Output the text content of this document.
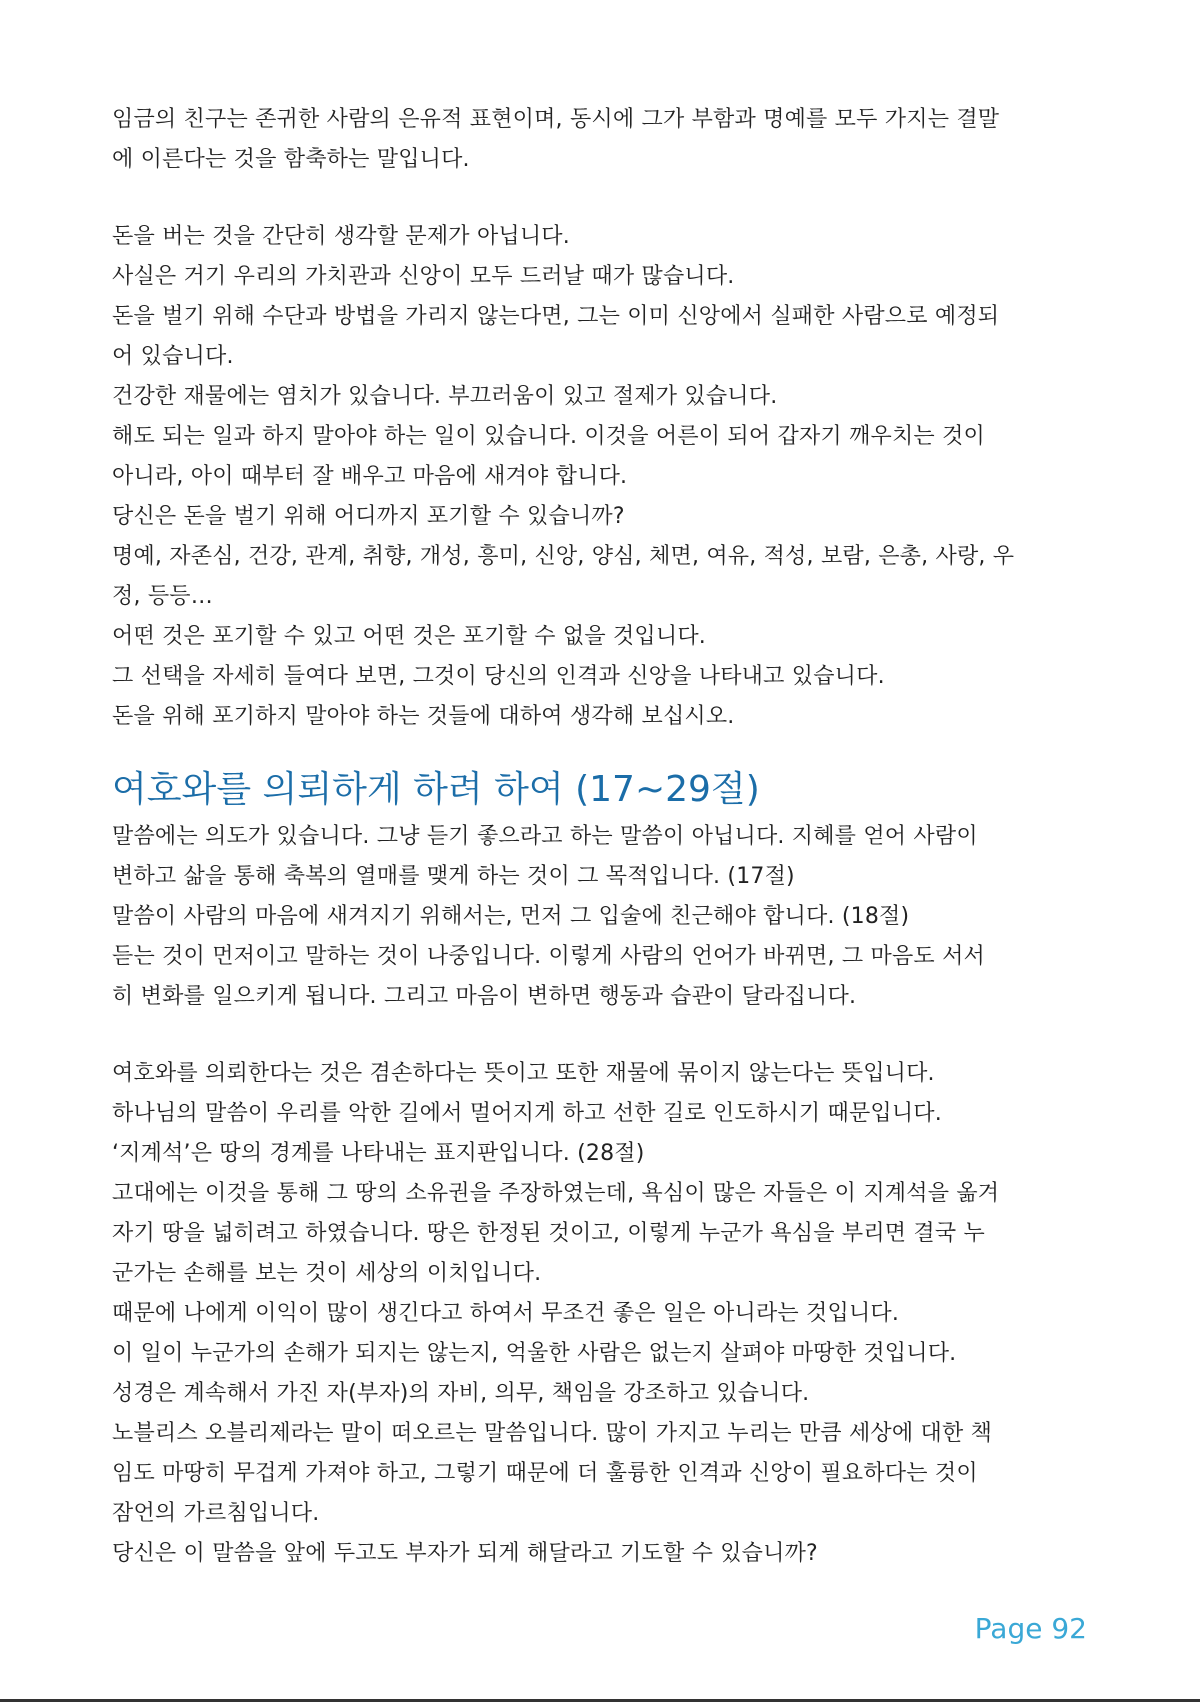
임금의 친구는 존귀한 사람의 은유적 표현이며, 동시에 그가 부함과 명예를 모두 가지는 결말
에 이른다는 것을 함축하는 말입니다.
돈을 버는 것을 간단히 생각할 문제가 아닙니다.
사실은 거기 우리의 가치관과 신앙이 모두 드러날 때가 많습니다.
돈을 벌기 위해 수단과 방법을 가리지 않는다면, 그는 이미 신앙에서 실패한 사람으로 예정되
어 있습니다.
건강한 재물에는 염치가 있습니다. 부끄러움이 있고 절제가 있습니다.
해도 되는 일과 하지 말아야 하는 일이 있습니다. 이것을 어른이 되어 갑자기 깨우치는 것이
아니라, 아이 때부터 잘 배우고 마음에 새겨야 합니다.
당신은 돈을 벌기 위해 어디까지 포기할 수 있습니까?
명예, 자존심, 건강, 관계, 취향, 개성, 흥미, 신앙, 양심, 체면, 여유, 적성, 보람, 은총, 사랑, 우
정, 등등…
어떤 것은 포기할 수 있고 어떤 것은 포기할 수 없을 것입니다.
그 선택을 자세히 들여다 보면, 그것이 당신의 인격과 신앙을 나타내고 있습니다.
돈을 위해 포기하지 말아야 하는 것들에 대하여 생각해 보십시오.
여호와를 의뢰하게 하려 하여 (17~29절)
말씀에는 의도가 있습니다. 그냥 듣기 좋으라고 하는 말씀이 아닙니다. 지혜를 얻어 사람이
변하고 삶을 통해 축복의 열매를 맺게 하는 것이 그 목적입니다. (17절)
말씀이 사람의 마음에 새겨지기 위해서는, 먼저 그 입술에 친근해야 합니다. (18절)
듣는 것이 먼저이고 말하는 것이 나중입니다. 이렇게 사람의 언어가 바뀌면, 그 마음도 서서
히 변화를 일으키게 됩니다. 그리고 마음이 변하면 행동과 습관이 달라집니다.
여호와를 의뢰한다는 것은 겸손하다는 뜻이고 또한 재물에 묶이지 않는다는 뜻입니다.
하나님의 말씀이 우리를 악한 길에서 멀어지게 하고 선한 길로 인도하시기 때문입니다.
‘지계석’은 땅의 경계를 나타내는 표지판입니다. (28절)
고대에는 이것을 통해 그 땅의 소유권을 주장하였는데, 욕심이 많은 자들은 이 지계석을 옮겨
자기 땅을 넓히려고 하였습니다. 땅은 한정된 것이고, 이렇게 누군가 욕심을 부리면 결국 누
군가는 손해를 보는 것이 세상의 이치입니다.
때문에 나에게 이익이 많이 생긴다고 하여서 무조건 좋은 일은 아니라는 것입니다.
이 일이 누군가의 손해가 되지는 않는지, 억울한 사람은 없는지 살펴야 마땅한 것입니다.
성경은 계속해서 가진 자(부자)의 자비, 의무, 책임을 강조하고 있습니다.
노블리스 오블리제라는 말이 떠오르는 말씀입니다. 많이 가지고 누리는 만큼 세상에 대한 책
임도 마땅히 무겁게 가져야 하고, 그렇기 때문에 더 훌륭한 인격과 신앙이 필요하다는 것이
잠언의 가르침입니다.
당신은 이 말씀을 앞에 두고도 부자가 되게 해달라고 기도할 수 있습니까?
Page 92
